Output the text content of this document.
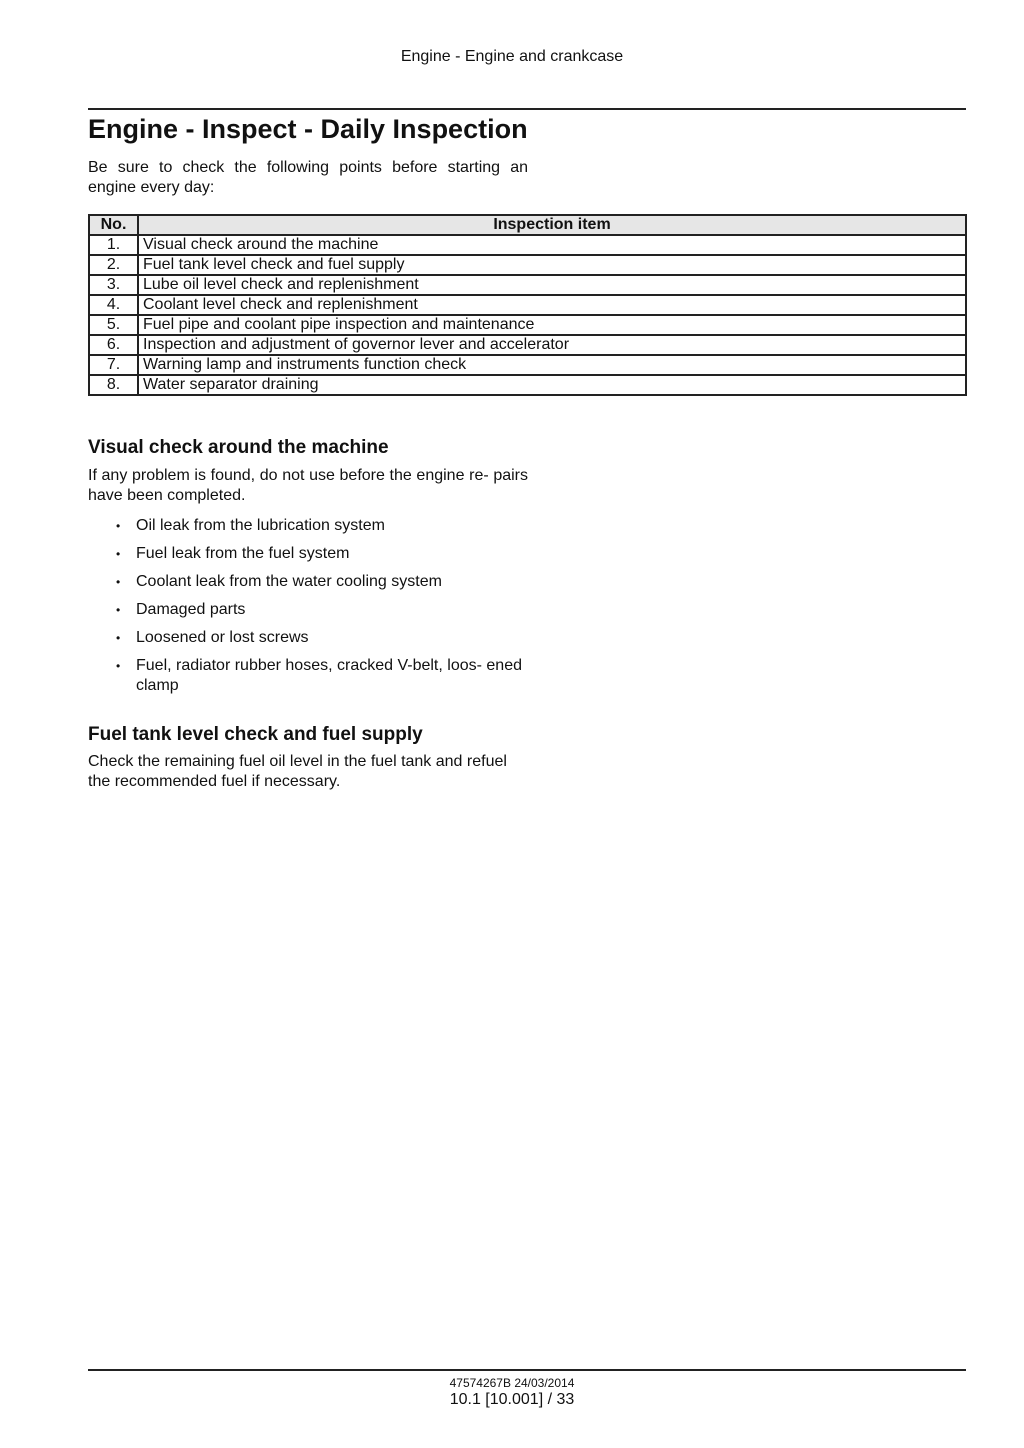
Engine - Engine and crankcase
Engine - Inspect - Daily Inspection
Be sure to check the following points before starting an engine every day:
No.	Inspection item
1.	Visual check around the machine
2.	Fuel tank level check and fuel supply
3.	Lube oil level check and replenishment
4.	Coolant level check and replenishment
5.	Fuel pipe and coolant pipe inspection and maintenance
6.	Inspection and adjustment of governor lever and accelerator
7.	Warning lamp and instruments function check
8.	Water separator draining
Visual check around the machine
If any problem is found, do not use before the engine re- pairs have been completed.
• Oil leak from the lubrication system
• Fuel leak from the fuel system
• Coolant leak from the water cooling system
• Damaged parts
• Loosened or lost screws
• Fuel, radiator rubber hoses, cracked V-belt, loos- ened clamp
Fuel tank level check and fuel supply
Check the remaining fuel oil level in the fuel tank and refuel the recommended fuel if necessary.
47574267B 24/03/2014
10.1 [10.001] / 33
